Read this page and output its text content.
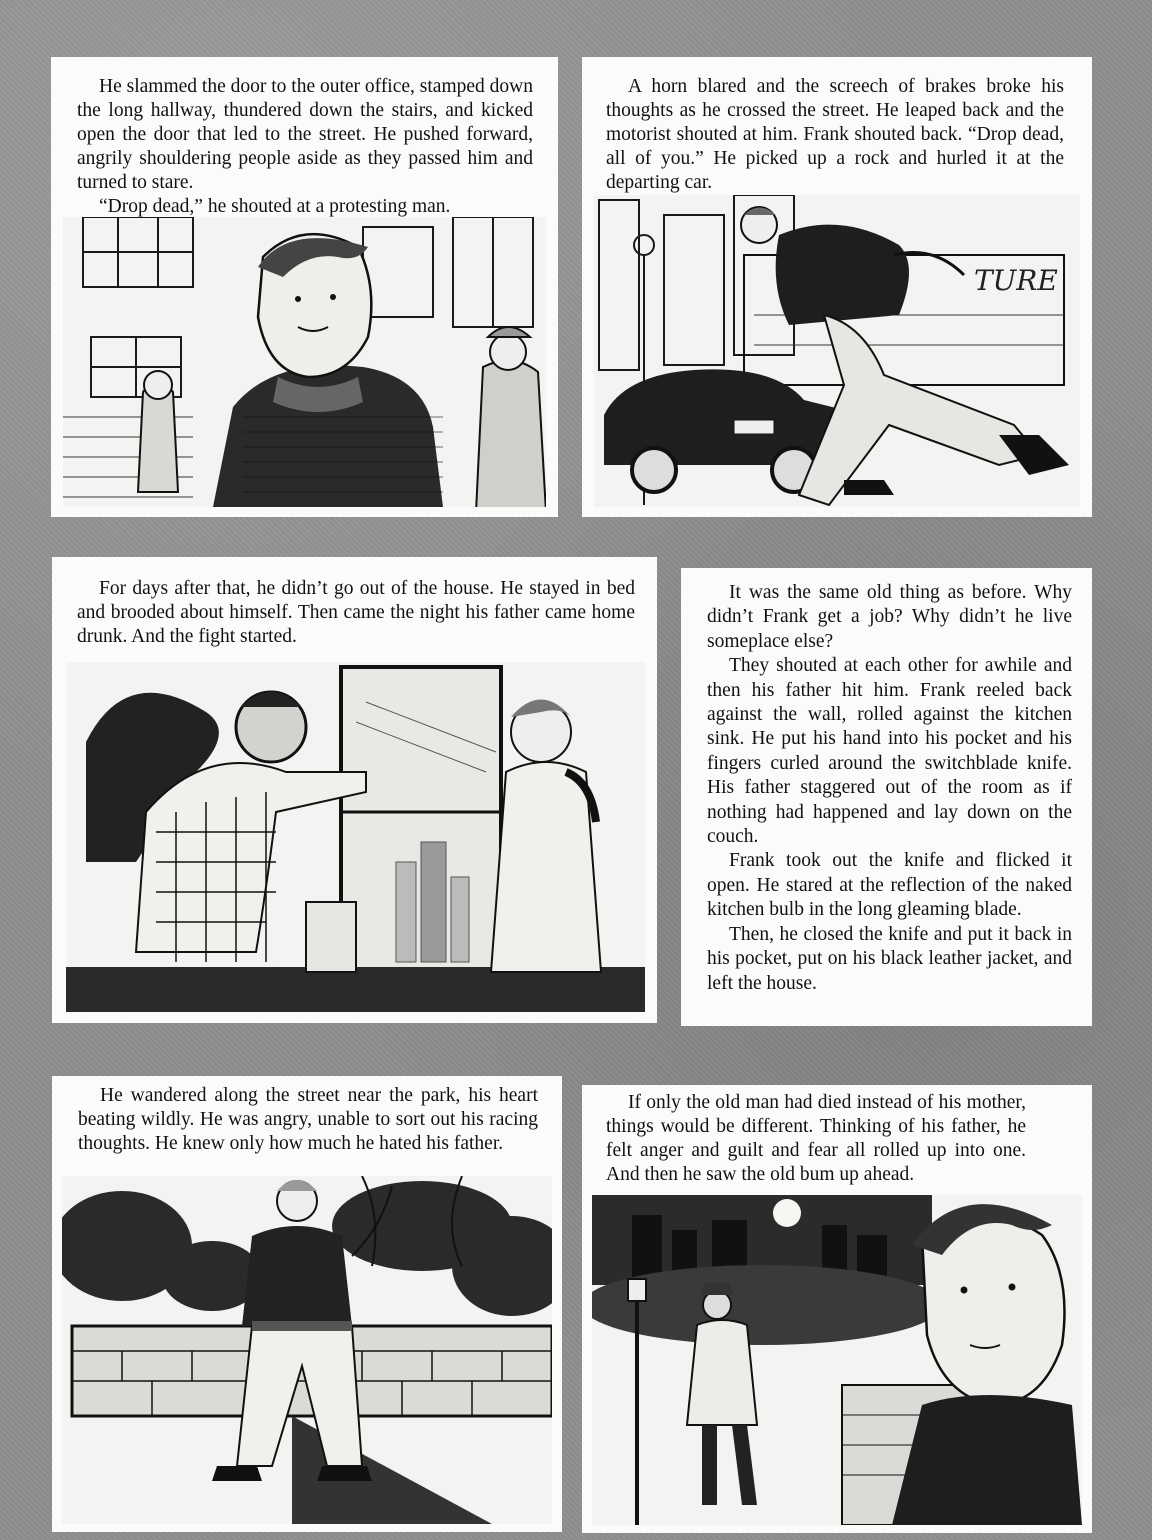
He slammed the door to the outer office, stamped down the long hallway, thundered down the stairs, and kicked open the door that led to the street. He pushed forward, angrily shouldering people aside as they passed him and turned to stare.

“Drop dead,” he shouted at a protesting man.

A horn blared and the screech of brakes broke his thoughts as he crossed the street. He leaped back and the motorist shouted at him. Frank shouted back. “Drop dead, all of you.” He picked up a rock and hurled it at the departing car.

TURE

For days after that, he didn’t go out of the house. He stayed in bed and brooded about himself. Then came the night his father came home drunk. And the fight started.

It was the same old thing as before. Why didn’t Frank get a job? Why didn’t he live someplace else?

They shouted at each other for awhile and then his father hit him. Frank reeled back against the wall, rolled against the kitchen sink. He put his hand into his pocket and his fingers curled around the switchblade knife. His father staggered out of the room as if nothing had happened and lay down on the couch.

Frank took out the knife and flicked it open. He stared at the reflection of the naked kitchen bulb in the long gleaming blade.

Then, he closed the knife and put it back in his pocket, put on his black leather jacket, and left the house.

He wandered along the street near the park, his heart beating wildly. He was angry, unable to sort out his racing thoughts. He knew only how much he hated his father.

If only the old man had died instead of his mother, things would be different. Thinking of his father, he felt anger and guilt and fear all rolled up into one. And then he saw the old bum up ahead.
